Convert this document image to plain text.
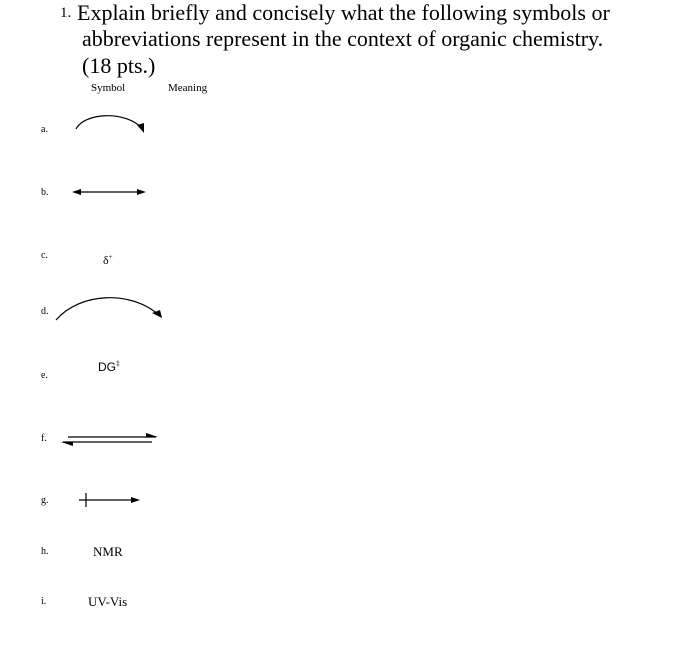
1. Explain briefly and concisely what the following symbols or
abbreviations represent in the context of organic chemistry.
(18 pts.)
Symbol	Meaning
a.
b.
c.
d.
e.
f.
g.
h.
i.
δ+
DG‡
NMR
UV-Vis
